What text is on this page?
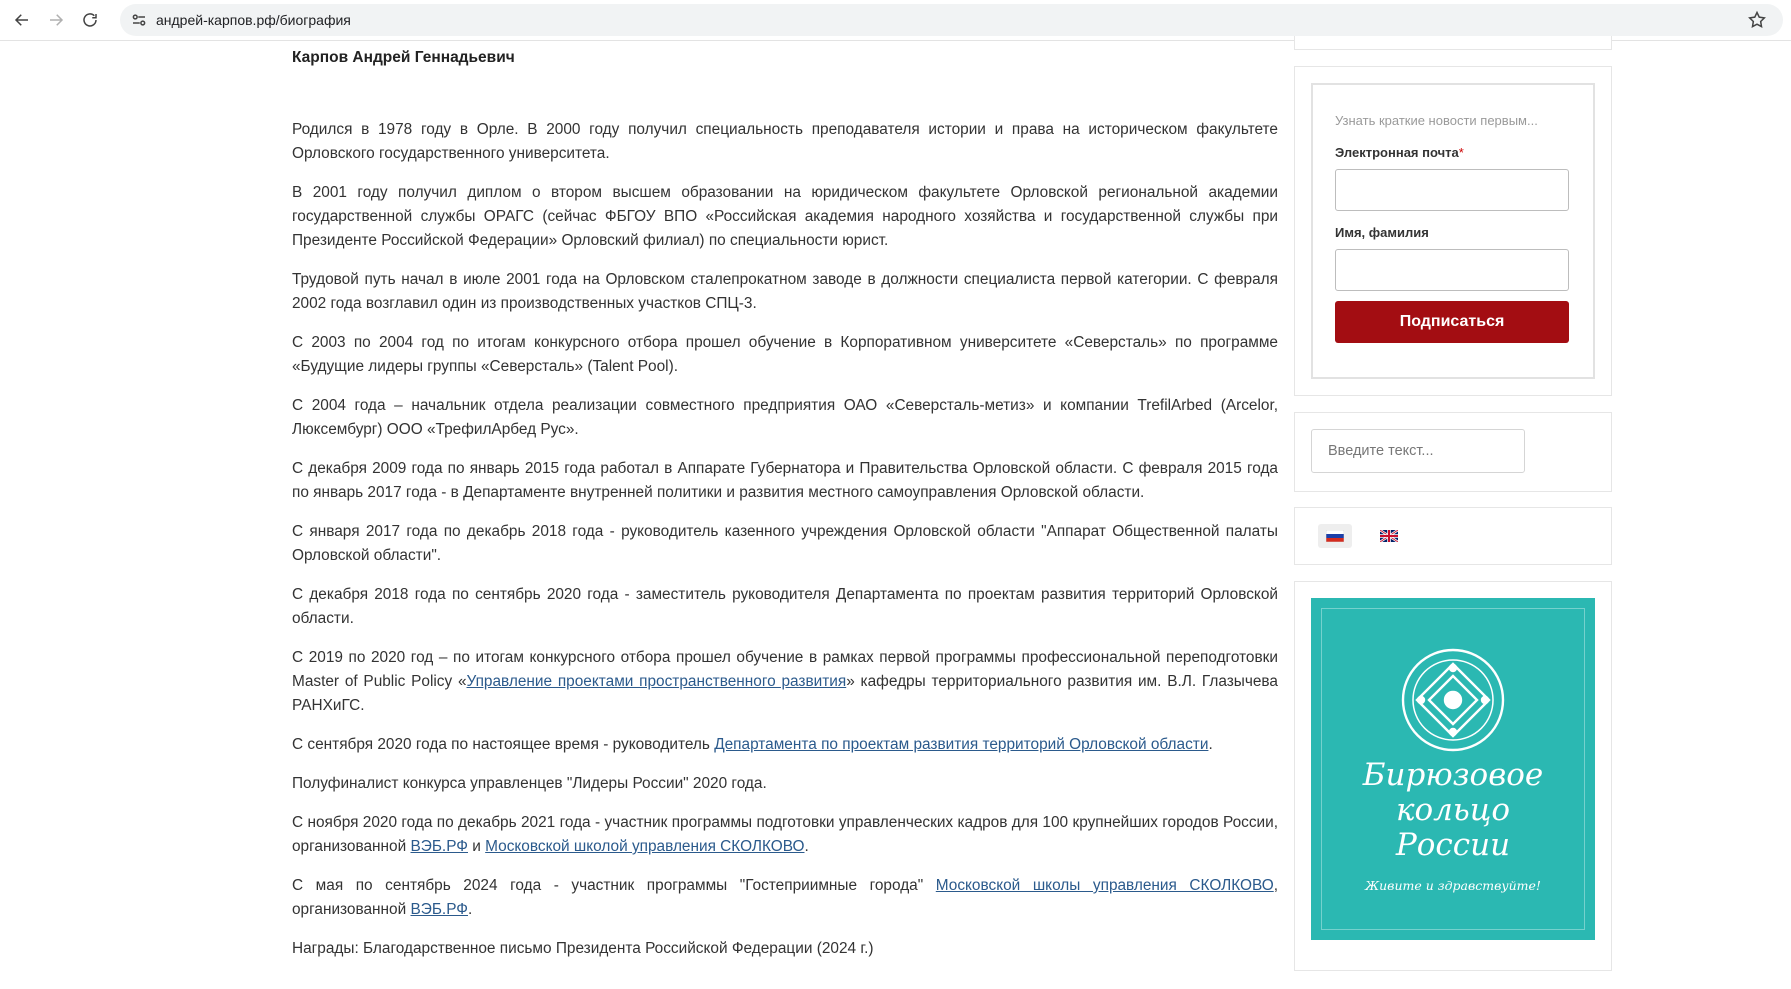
андрей-карпов.рф/биография
Карпов Андрей Геннадьевич

Родился в 1978 году в Орле. В 2000 году получил специальность преподавателя истории и права на историческом факультете Орловского государственного университета.

В 2001 году получил диплом о втором высшем образовании на юридическом факультете Орловской региональной академии государственной службы ОРАГС (сейчас ФБГОУ ВПО «Российская академия народного хозяйства и государственной службы при Президенте Российской Федерации» Орловский филиал) по специальности юрист.

Трудовой путь начал в июле 2001 года на Орловском сталепрокатном заводе в должности специалиста первой категории. С февраля 2002 года возглавил один из производственных участков СПЦ-3.

С 2003 по 2004 год по итогам конкурсного отбора прошел обучение в Корпоративном университете «Северсталь» по программе «Будущие лидеры группы «Северсталь» (Talent Pool).

С 2004 года – начальник отдела реализации совместного предприятия ОАО «Северсталь-метиз» и компании TrefilArbed (Arcelor, Люксембург) ООО «ТрефилАрбед Рус».

С декабря 2009 года по январь 2015 года работал в Аппарате Губернатора и Правительства Орловской области. С февраля 2015 года по январь 2017 года - в Департаменте внутренней политики и развития местного самоуправления Орловской области.

С января 2017 года по декабрь 2018 года - руководитель казенного учреждения Орловской области "Аппарат Общественной палаты Орловской области".

С декабря 2018 года по сентябрь 2020 года - заместитель руководителя Департамента по проектам развития территорий Орловской области.

С 2019 по 2020 год – по итогам конкурсного отбора прошел обучение в рамках первой программы профессиональной переподготовки Master of Public Policy «Управление проектами пространственного развития» кафедры территориального развития им. В.Л. Глазычева РАНХиГС.

С сентября 2020 года по настоящее время - руководитель Департамента по проектам развития территорий Орловской области.

Полуфиналист конкурса управленцев "Лидеры России" 2020 года.

С ноября 2020 года по декабрь 2021 года - участник программы подготовки управленческих кадров для 100 крупнейших городов России, организованной ВЭБ.РФ и Московской школой управления СКОЛКОВО.

С мая по сентябрь 2024 года - участник программы "Гостеприимные города" Московской школы управления СКОЛКОВО, организованной ВЭБ.РФ.

Награды: Благодарственное письмо Президента Российской Федерации (2024 г.)

Узнать краткие новости первым...
Электронная почта*
Имя, фамилия
Подписаться
Введите текст...
Бирюзовое
кольцо
России
Живите и здравствуйте!
